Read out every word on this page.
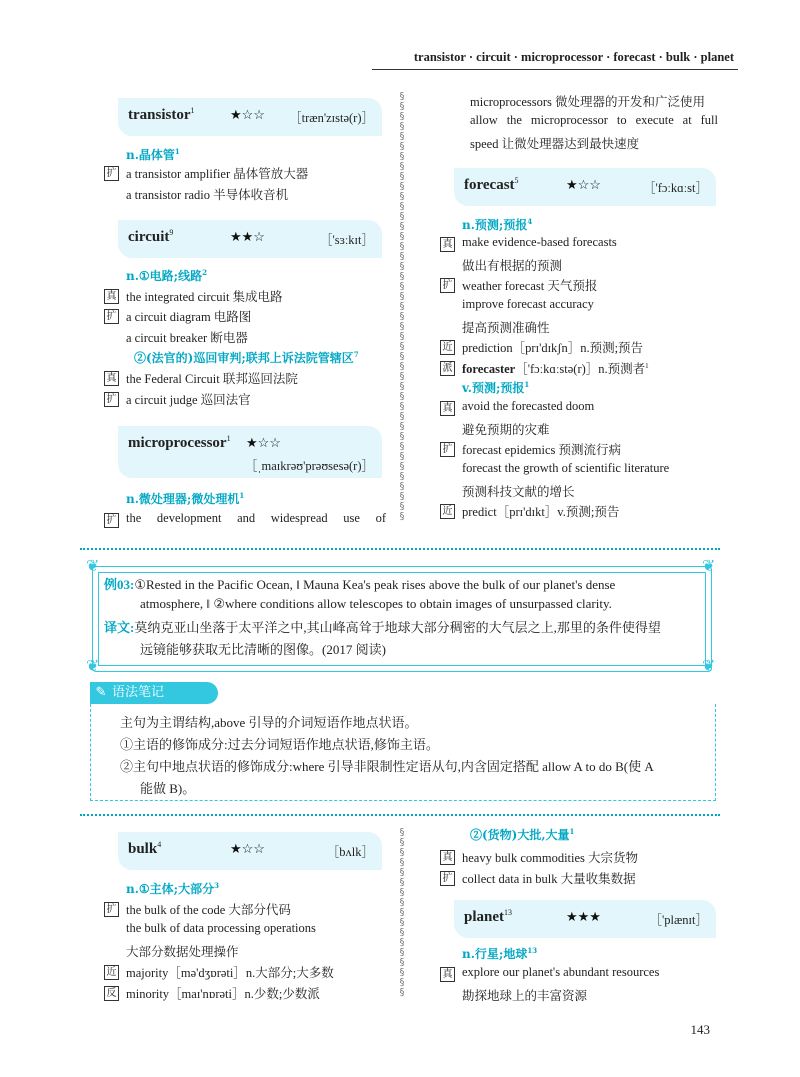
transistor · circuit · microprocessor · forecast · bulk · planet
§
§
§
§
§
§
§
§
§
§
§
§
§
§
§
§
§
§
§
§
§
§
§
§
§
§
§
§
§
§
§
§
§
§
§
§
§
§
§
§
§
§
§
§
§
§
§
§
§
§
§
§
§
§
§
§
§
§
§
§
transistor$^1$	★☆☆ ［træn'zɪstə(r)］
n.晶体管$^1$
扩 a transistor amplifier 晶体管放大器
a transistor radio 半导体收音机
circuit$^9$	★★☆	［'sɜːkɪt］
n.①电路;线路$^2$
真 the integrated circuit 集成电路
扩 a circuit diagram 电路图
a circuit breaker 断电器
②(法官的)巡回审判;联邦上诉法院管辖区$^7$
真 the Federal Circuit 联邦巡回法院
扩 a circuit judge 巡回法官
microprocessor$^1$ ★☆☆
［ˌmaɪkrəʊ'prəʊsesə(r)］
n.微处理器;微处理机$^1$
扩 the development and widespread use of
microprocessors 微处理器的开发和广泛使用
allow the microprocessor to execute at full
speed 让微处理器达到最快速度
forecast$^5$	★☆☆	［'fɔːkɑːst］
n.预测;预报$^4$
真 make evidence-based forecasts
做出有根据的预测
扩 weather forecast 天气预报
improve forecast accuracy
提高预测准确性
近 prediction［prɪ'dɪkʃn］n.预测;预告
派 forecaster［'fɔːkɑːstə(r)］n.预测者$^1$
v.预测;预报$^1$
真 avoid the forecasted doom
避免预期的灾难
扩 forecast epidemics 预测流行病
forecast the growth of scientific literature
预测科技文献的增长
近 predict［prɪ'dɪkt］v.预测;预告
❦	❦
❦	❦
例03:①Rested in the Pacific Ocean, ‖ Mauna Kea's peak rises above the bulk of our planet's dense
atmosphere, ‖ ②where conditions allow telescopes to obtain images of unsurpassed clarity.
译文:莫纳克亚山坐落于太平洋之中,其山峰高耸于地球大部分稠密的大气层之上,那里的条件使得望
远镜能够获取无比清晰的图像。(2017 阅读)
✎ 语法笔记
主句为主谓结构,above 引导的介词短语作地点状语。
①主语的修饰成分:过去分词短语作地点状语,修饰主语。
②主句中地点状语的修饰成分:where 引导非限制性定语从句,内含固定搭配 allow A to do B(使 A
能做 B)。
bulk$^4$	★☆☆	［bʌlk］
n.①主体;大部分$^3$
扩 the bulk of the code 大部分代码
the bulk of data processing operations
大部分数据处理操作
近 majority［mə'dʒɒrəti］n.大部分;大多数
反 minority［maɪ'nɒrəti］n.少数;少数派
②(货物)大批,大量$^1$
真 heavy bulk commodities 大宗货物
扩 collect data in bulk 大量收集数据
planet$^{13}$	★★★	［'plænɪt］
n.行星;地球$^{13}$
真 explore our planet's abundant resources
勘探地球上的丰富资源
143
